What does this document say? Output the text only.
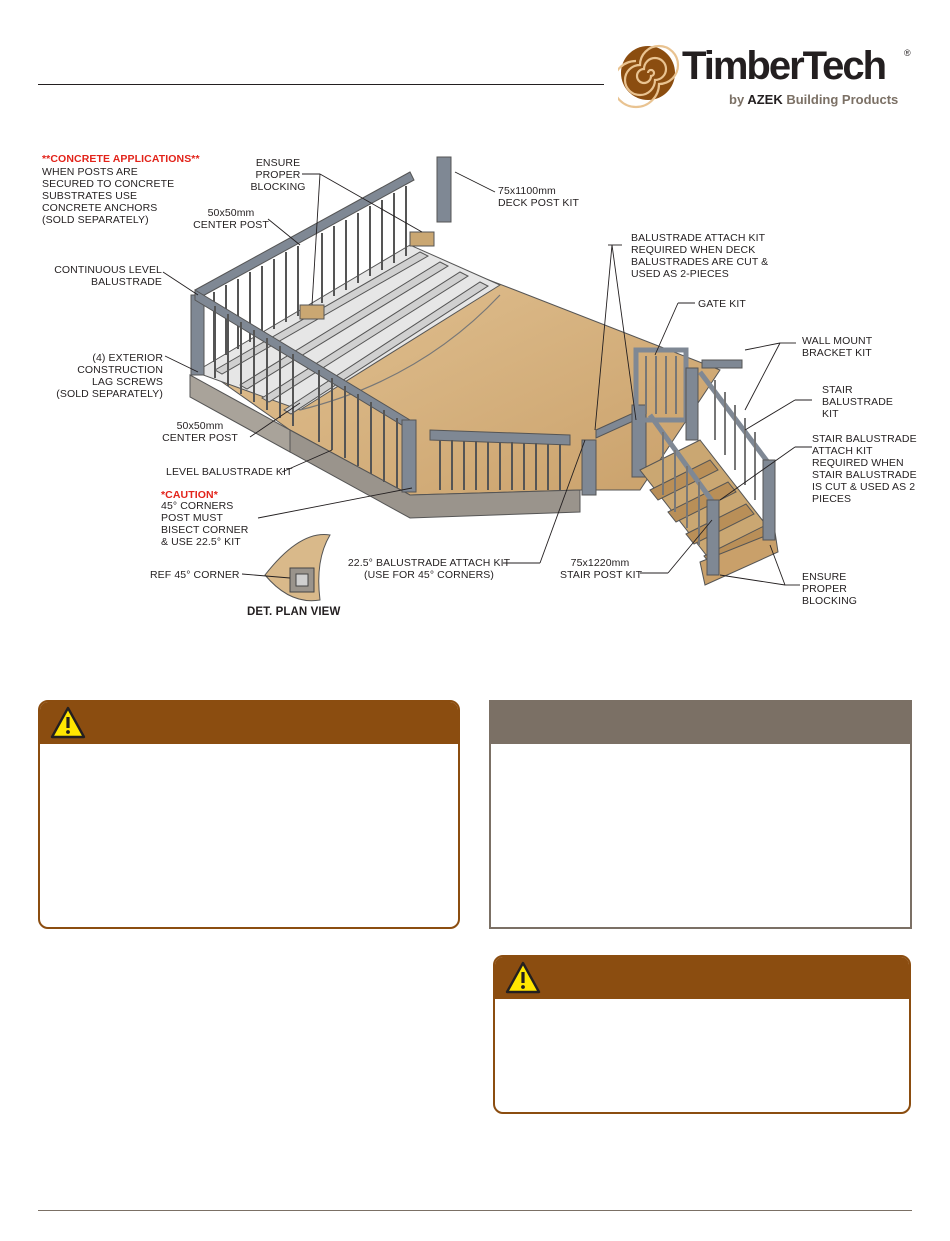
TimberTech ®
by AZEK Building Products
**CONCRETE APPLICATIONS**
WHEN POSTS ARE
SECURED TO CONCRETE
SUBSTRATES USE
CONCRETE ANCHORS
(SOLD SEPARATELY)
ENSURE
PROPER
BLOCKING
50x50mm
CENTER POST
75x1100mm
DECK POST KIT
CONTINUOUS LEVEL
BALUSTRADE
BALUSTRADE ATTACH KIT
REQUIRED WHEN DECK
BALUSTRADES ARE CUT &
USED AS 2-PIECES
GATE KIT
WALL MOUNT
BRACKET KIT
(4) EXTERIOR
CONSTRUCTION
LAG SCREWS
(SOLD SEPARATELY)	STAIR
BALUSTRADE
KIT
50x50mm
CENTER POST	STAIR BALUSTRADE
ATTACH KIT
REQUIRED WHEN
STAIR BALUSTRADE
IS CUT & USED AS 2
PIECES
LEVEL BALUSTRADE KIT
*CAUTION*
45° CORNERS
POST MUST
BISECT CORNER
& USE 22.5° KIT
22.5° BALUSTRADE ATTACH KIT
(USE FOR 45° CORNERS)
75x1220mm
STAIR POST KIT	ENSURE
PROPER
BLOCKING
REF 45° CORNER
DET. PLAN VIEW
